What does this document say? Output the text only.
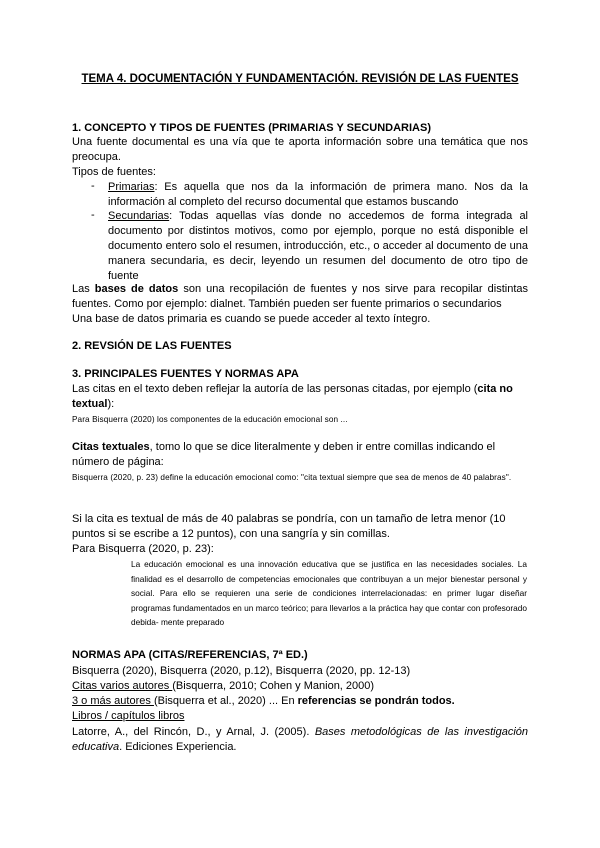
TEMA 4. DOCUMENTACIÓN Y FUNDAMENTACIÓN. REVISIÓN DE LAS FUENTES
1. CONCEPTO Y TIPOS DE FUENTES (PRIMARIAS Y SECUNDARIAS)
Una fuente documental es una vía que te aporta información sobre una temática que nos preocupa.
Tipos de fuentes:
- Primarias: Es aquella que nos da la información de primera mano. Nos da la información al completo del recurso documental que estamos buscando
- Secundarias: Todas aquellas vías donde no accedemos de forma integrada al documento por distintos motivos, como por ejemplo, porque no está disponible el documento entero solo el resumen, introducción, etc., o acceder al documento de una manera secundaria, es decir, leyendo un resumen del documento de otro tipo de fuente
Las bases de datos son una recopilación de fuentes y nos sirve para recopilar distintas fuentes. Como por ejemplo: dialnet. También pueden ser fuente primarios o secundarios
Una base de datos primaria es cuando se puede acceder al texto íntegro.
2. REVSIÓN DE LAS FUENTES
3. PRINCIPALES FUENTES Y NORMAS APA
Las citas en el texto deben reflejar la autoría de las personas citadas, por ejemplo (cita no textual):
Para Bisquerra (2020) los componentes de la educación emocional son ...
Citas textuales, tomo lo que se dice literalmente y deben ir entre comillas indicando el número de página:
Bisquerra (2020, p. 23) define la educación emocional como: "cita textual siempre que sea de menos de 40 palabras".
Si la cita es textual de más de 40 palabras se pondría, con un tamaño de letra menor (10 puntos si se escribe a 12 puntos), con una sangría y sin comillas.
Para Bisquerra (2020, p. 23):
La educación emocional es una innovación educativa que se justifica en las necesidades sociales. La finalidad es el desarrollo de competencias emocionales que contribuyan a un mejor bienestar personal y social. Para ello se requieren una serie de condiciones interrelacionadas: en primer lugar diseñar programas fundamentados en un marco teórico; para llevarlos a la práctica hay que contar con profesorado debida- mente preparado
NORMAS APA (CITAS/REFERENCIAS, 7ª ED.)
Bisquerra (2020), Bisquerra (2020, p.12), Bisquerra (2020, pp. 12-13)
Citas varios autores (Bisquerra, 2010; Cohen y Manion, 2000)
3 o más autores (Bisquerra et al., 2020) ... En referencias se pondrán todos.
Libros / capítulos libros
Latorre, A., del Rincón, D., y Arnal, J. (2005). Bases metodológicas de las investigación educativa. Ediciones Experiencia.
